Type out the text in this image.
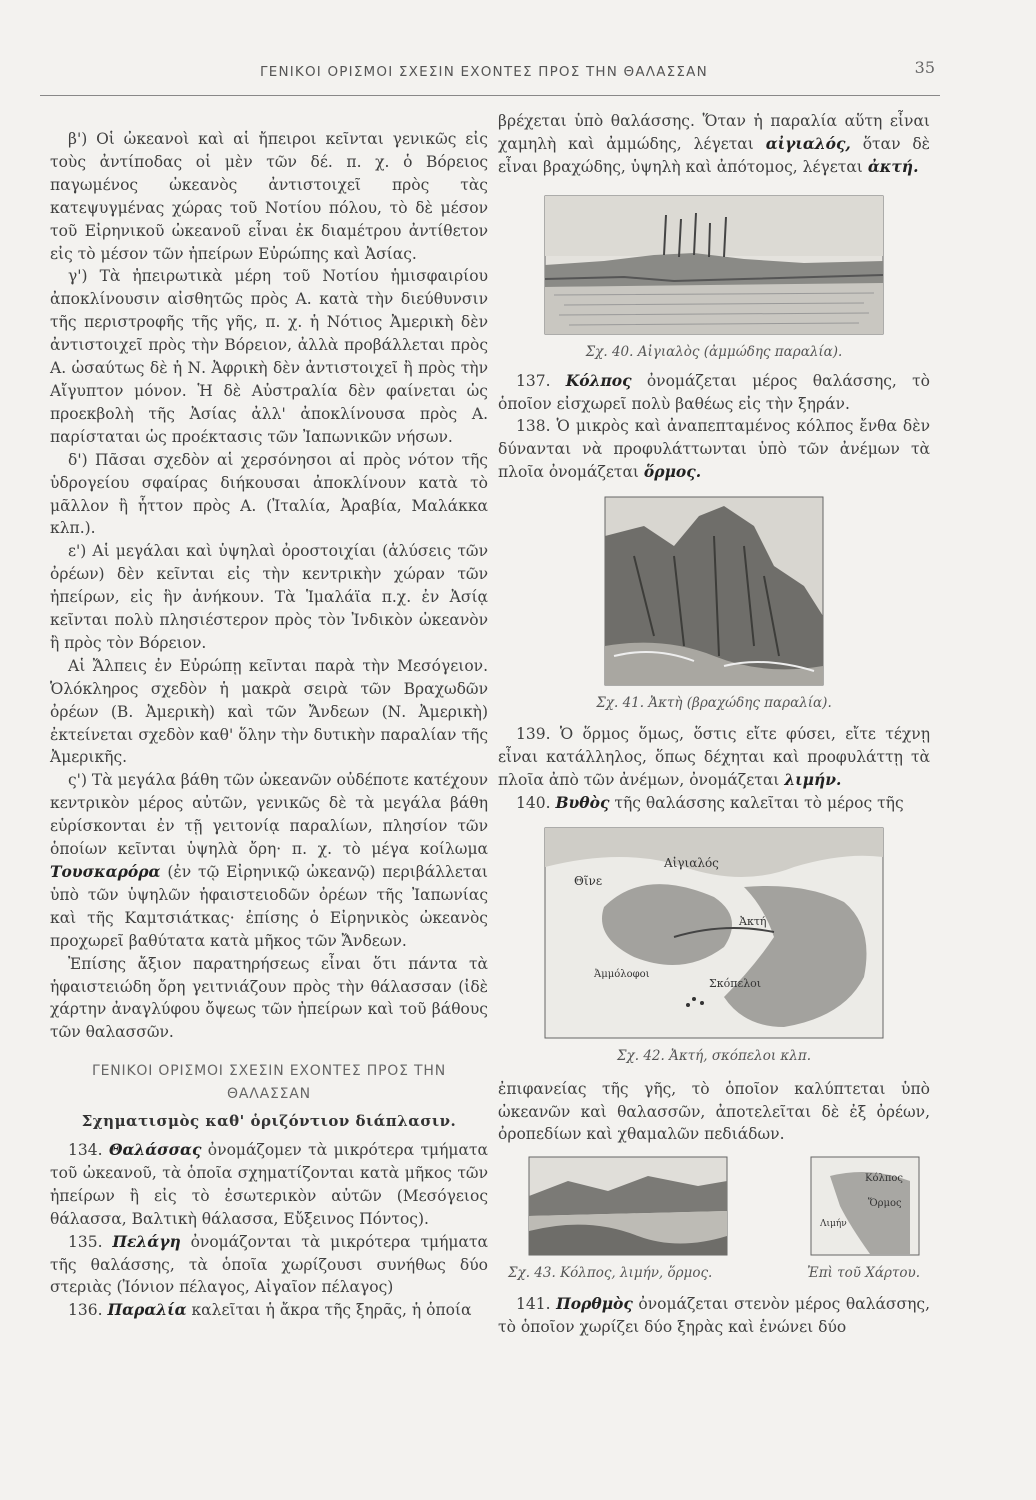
ΓΕΝΙΚΟΙ ΟΡΙΣΜΟΙ ΣΧΕΣΙΝ ΕΧΟΝΤΕΣ ΠΡΟΣ ΤΗΝ ΘΑΛΑΣΣΑΝ	35

β') Οἱ ὠκεανοὶ καὶ αἱ ἤπειροι κεῖνται γενικῶς εἰς τοὺς ἀντίποδας οἱ μὲν τῶν δέ. π. χ. ὁ Βόρειος παγωμένος ὠκεανὸς ἀντιστοιχεῖ πρὸς τὰς κατεψυγμένας χώρας τοῦ Νοτίου πόλου, τὸ δὲ μέσον τοῦ Εἰρηνικοῦ ὠκεανοῦ εἶναι ἐκ διαμέτρου ἀντίθετον εἰς τὸ μέσον τῶν ἠπείρων Εὐρώπης καὶ Ἀσίας.

γ') Τὰ ἠπειρωτικὰ μέρη τοῦ Νοτίου ἡμισφαιρίου ἀποκλίνουσιν αἰσθητῶς πρὸς Α. κατὰ τὴν διεύθυνσιν τῆς περιστροφῆς τῆς γῆς, π. χ. ἡ Νότιος Ἀμερικὴ δὲν ἀντιστοιχεῖ πρὸς τὴν Βόρειον, ἀλλὰ προβάλλεται πρὸς Α. ὡσαύτως δὲ ἡ Ν. Ἀφρικὴ δὲν ἀντιστοιχεῖ ἢ πρὸς τὴν Αἴγυπτον μόνον. Ἡ δὲ Αὐστραλία δὲν φαίνεται ὡς προεκβολὴ τῆς Ἀσίας ἀλλ' ἀποκλίνουσα πρὸς Α. παρίσταται ὡς προέκτασις τῶν Ἰαπωνικῶν νήσων.

δ') Πᾶσαι σχεδὸν αἱ χερσόνησοι αἱ πρὸς νότον τῆς ὑδρογείου σφαίρας διήκουσαι ἀποκλίνουν κατὰ τὸ μᾶλλον ἢ ἧττον πρὸς Α. (Ἰταλία, Ἀραβία, Μαλάκκα κλπ.).

ε') Αἱ μεγάλαι καὶ ὑψηλαὶ ὀροστοιχίαι (ἁλύσεις τῶν ὀρέων) δὲν κεῖνται εἰς τὴν κεντρικὴν χώραν τῶν ἠπείρων, εἰς ἣν ἀνήκουν. Τὰ Ἱμαλάϊα π.χ. ἐν Ἀσίᾳ κεῖνται πολὺ πλησιέστερον πρὸς τὸν Ἰνδικὸν ὠκεανὸν ἢ πρὸς τὸν Βόρειον.

Αἱ Ἄλπεις ἐν Εὐρώπῃ κεῖνται παρὰ τὴν Μεσόγειον. Ὁλόκληρος σχεδὸν ἡ μακρὰ σειρὰ τῶν Βραχωδῶν ὀρέων (Β. Ἀμερικὴ) καὶ τῶν Ἄνδεων (Ν. Ἀμερικὴ) ἐκτείνεται σχεδὸν καθ' ὅλην τὴν δυτικὴν παραλίαν τῆς Ἀμερικῆς.

ς') Τὰ μεγάλα βάθη τῶν ὠκεανῶν οὐδέποτε κατέχουν κεντρικὸν μέρος αὐτῶν, γενικῶς δὲ τὰ μεγάλα βάθη εὑρίσκονται ἐν τῇ γειτονίᾳ παραλίων, πλησίον τῶν ὁποίων κεῖνται ὑψηλὰ ὄρη· π. χ. τὸ μέγα κοίλωμα Τουσκαρόρα (ἐν τῷ Εἰρηνικῷ ὠκεανῷ) περιβάλλεται ὑπὸ τῶν ὑψηλῶν ἡφαιστειοδῶν ὀρέων τῆς Ἰαπωνίας καὶ τῆς Καμτσιάτκας· ἐπίσης ὁ Εἰρηνικὸς ὠκεανὸς προχωρεῖ βαθύτατα κατὰ μῆκος τῶν Ἄνδεων.

Ἐπίσης ἄξιον παρατηρήσεως εἶναι ὅτι πάντα τὰ ἡφαιστειώδη ὄρη γειτνιάζουν πρὸς τὴν θάλασσαν (ἰδὲ χάρτην ἀναγλύφου ὄψεως τῶν ἠπείρων καὶ τοῦ βάθους τῶν θαλασσῶν.

ΓΕΝΙΚΟΙ ΟΡΙΣΜΟΙ ΣΧΕΣΙΝ ΕΧΟΝΤΕΣ ΠΡΟΣ ΤΗΝ ΘΑΛΑΣΣΑΝ
Σχηματισμὸς καθ' ὁριζόντιον διάπλασιν.

134. Θαλάσσας ὀνομάζομεν τὰ μικρότερα τμήματα τοῦ ὠκεανοῦ, τὰ ὁποῖα σχηματίζονται κατὰ μῆκος τῶν ἠπείρων ἢ εἰς τὸ ἐσωτερικὸν αὐτῶν (Μεσόγειος θάλασσα, Βαλτικὴ θάλασσα, Εὔξεινος Πόντος).

135. Πελάγη ὀνομάζονται τὰ μικρότερα τμήματα τῆς θαλάσσης, τὰ ὁποῖα χωρίζουσι συνήθως δύο στεριὰς (Ἰόνιον πέλαγος, Αἰγαῖον πέλαγος)

136. Παραλία καλεῖται ἡ ἄκρα τῆς ξηρᾶς, ἡ ὁποία

βρέχεται ὑπὸ θαλάσσης. Ὅταν ἡ παραλία αὕτη εἶναι χαμηλὴ καὶ ἀμμώδης, λέγεται αἰγιαλός, ὅταν δὲ εἶναι βραχώδης, ὑψηλὴ καὶ ἀπότομος, λέγεται ἀκτή.

Σχ. 40. Αἰγιαλὸς (ἀμμώδης παραλία).

137. Κόλπος ὀνομάζεται μέρος θαλάσσης, τὸ ὁποῖον εἰσχωρεῖ πολὺ βαθέως εἰς τὴν ξηράν.

138. Ὁ μικρὸς καὶ ἀναπεπταμένος κόλπος ἔνθα δὲν δύνανται νὰ προφυλάττωνται ὑπὸ τῶν ἀνέμων τὰ πλοῖα ὀνομάζεται ὅρμος.

Σχ. 41. Ἀκτὴ (βραχώδης παραλία).

139. Ὁ ὅρμος ὅμως, ὅστις εἴτε φύσει, εἴτε τέχνῃ εἶναι κατάλληλος, ὅπως δέχηται καὶ προφυλάττῃ τὰ πλοῖα ἀπὸ τῶν ἀνέμων, ὀνομάζεται λιμήν.

140. Βυθὸς τῆς θαλάσσης καλεῖται τὸ μέρος τῆς

Θῖνε
Αἰγιαλός
Ἀκτή
Ἀμμόλοφοι
Σκόπελοι
Σχ. 42. Ἀκτή, σκόπελοι κλπ.

ἐπιφανείας τῆς γῆς, τὸ ὁποῖον καλύπτεται ὑπὸ ὠκεανῶν καὶ θαλασσῶν, ἀποτελεῖται δὲ ἐξ ὀρέων, ὀροπεδίων καὶ χθαμαλῶν πεδιάδων.

Κόλπος
Ὅρμος
Λιμήν
Σχ. 43. Κόλπος, λιμήν, ὅρμος.	Ἐπὶ τοῦ Χάρτου.

141. Πορθμὸς ὀνομάζεται στενὸν μέρος θαλάσσης, τὸ ὁποῖον χωρίζει δύο ξηρὰς καὶ ἑνώνει δύο
